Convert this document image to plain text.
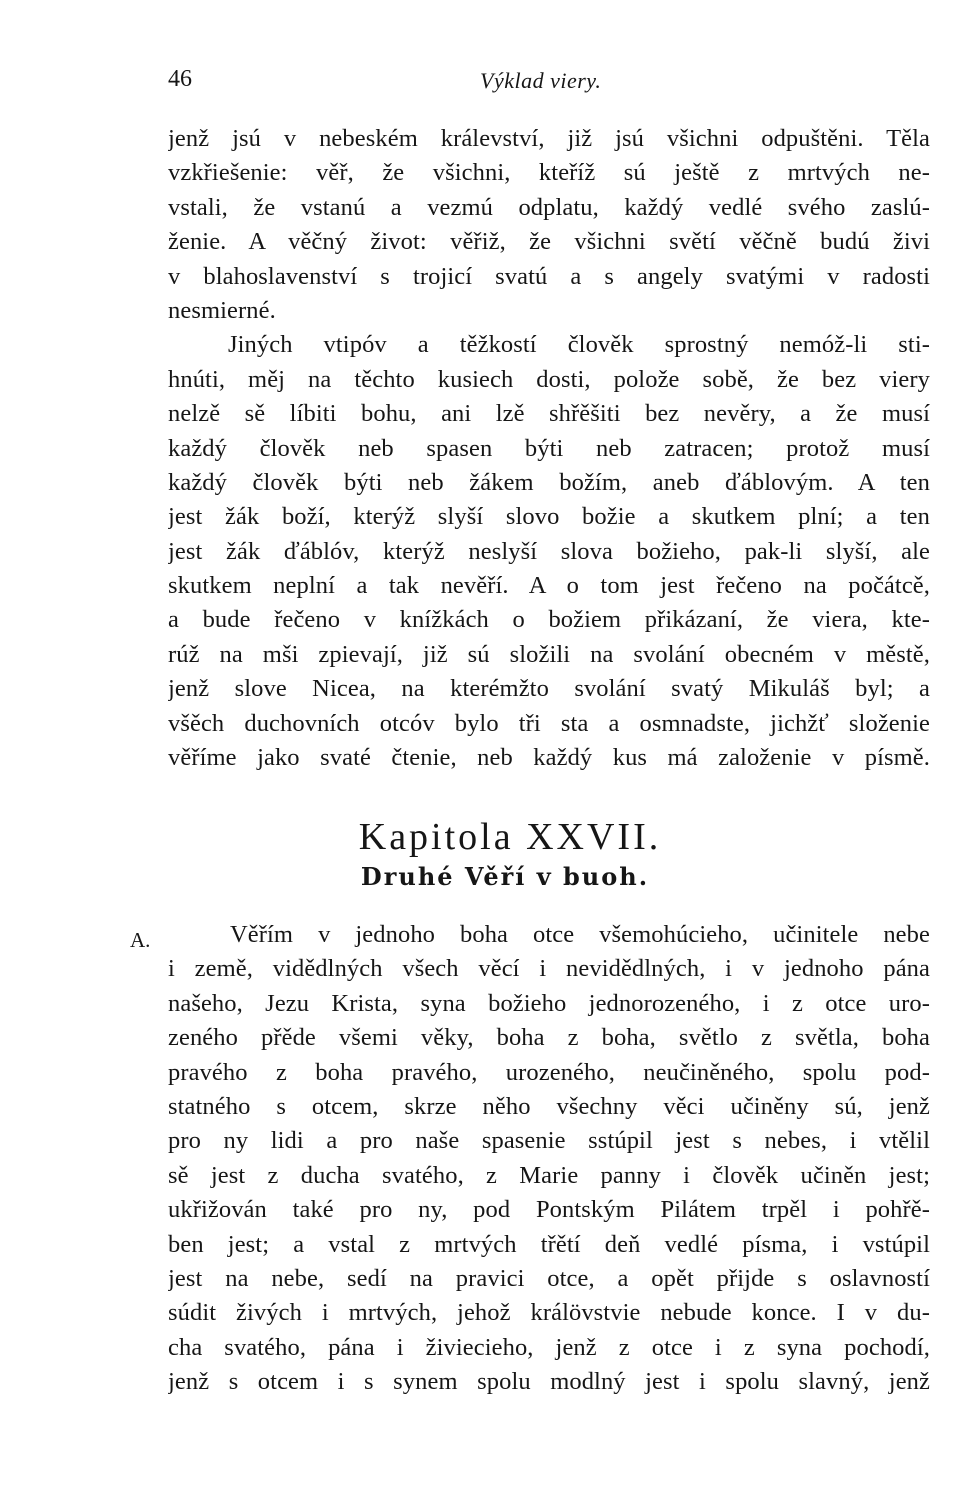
46	Výklad viery.
jenž jsú v nebeském králevství, již jsú všichni odpuštěni. Těla
vzkřiešenie: věř, že všichni, kteříž sú ještě z mrtvých ne-
vstali, že vstanú a vezmú odplatu, každý vedlé svého zaslú-
ženie. A věčný život: věřiž, že všichni světí věčně budú živi
v blahoslavenství s trojicí svatú a s angely svatými v radosti
nesmierné.
Jiných vtipóv a těžkostí člověk sprostný nemóž-li sti-
hnúti, měj na těchto kusiech dosti, polože sobě, že bez viery
nelzě sě líbiti bohu, ani lzě shřěšiti bez nevěry, a že musí
každý člověk neb spasen býti neb zatracen; protož musí
každý člověk býti neb žákem božím, aneb ďáblovým. A ten
jest žák boží, kterýž slyší slovo božie a skutkem plní; a ten
jest žák ďáblóv, kterýž neslyší slova božieho, pak-li slyší, ale
skutkem neplní a tak nevěří. A o tom jest řečeno na počátcě,
a bude řečeno v knížkách o božiem přikázaní, že viera, kte-
rúž na mši zpievají, již sú složili na svolání obecném v městě,
jenž slove Nicea, na kterémžto svolání svatý Mikuláš byl; a
všěch duchovních otcóv bylo tři sta a osmnadste, jichžť složenie
věříme jako svaté čtenie, neb každý kus má založenie v písmě.
Kapitola XXVII.
Druhé Věří v buoh.
A.	Věřím v jednoho boha otce všemohúcieho, učinitele nebe
i země, vidědlných všech věcí i nevidědlných, i v jednoho pána
našeho, Jezu Krista, syna božieho jednorozeného, i z otce uro-
zeného přěde všemi věky, boha z boha, světlo z světla, boha
pravého z boha pravého, urozeného, neučiněného, spolu pod-
statného s otcem, skrze něho všechny věci učiněny sú, jenž
pro ny lidi a pro naše spasenie sstúpil jest s nebes, i vtělil
sě jest z ducha svatého, z Marie panny i člověk učiněn jest;
ukřižován také pro ny, pod Pontským Pilátem trpěl i pohřě-
ben jest; a vstal z mrtvých třětí deň vedlé písma, i vstúpil
jest na nebe, sedí na pravici otce, a opět přijde s oslavností
súdit živých i mrtvých, jehož králövstvie nebude konce. I v du-
cha svatého, pána i živiecieho, jenž z otce i z syna pochodí,
jenž s otcem i s synem spolu modlný jest i spolu slavný, jenž
